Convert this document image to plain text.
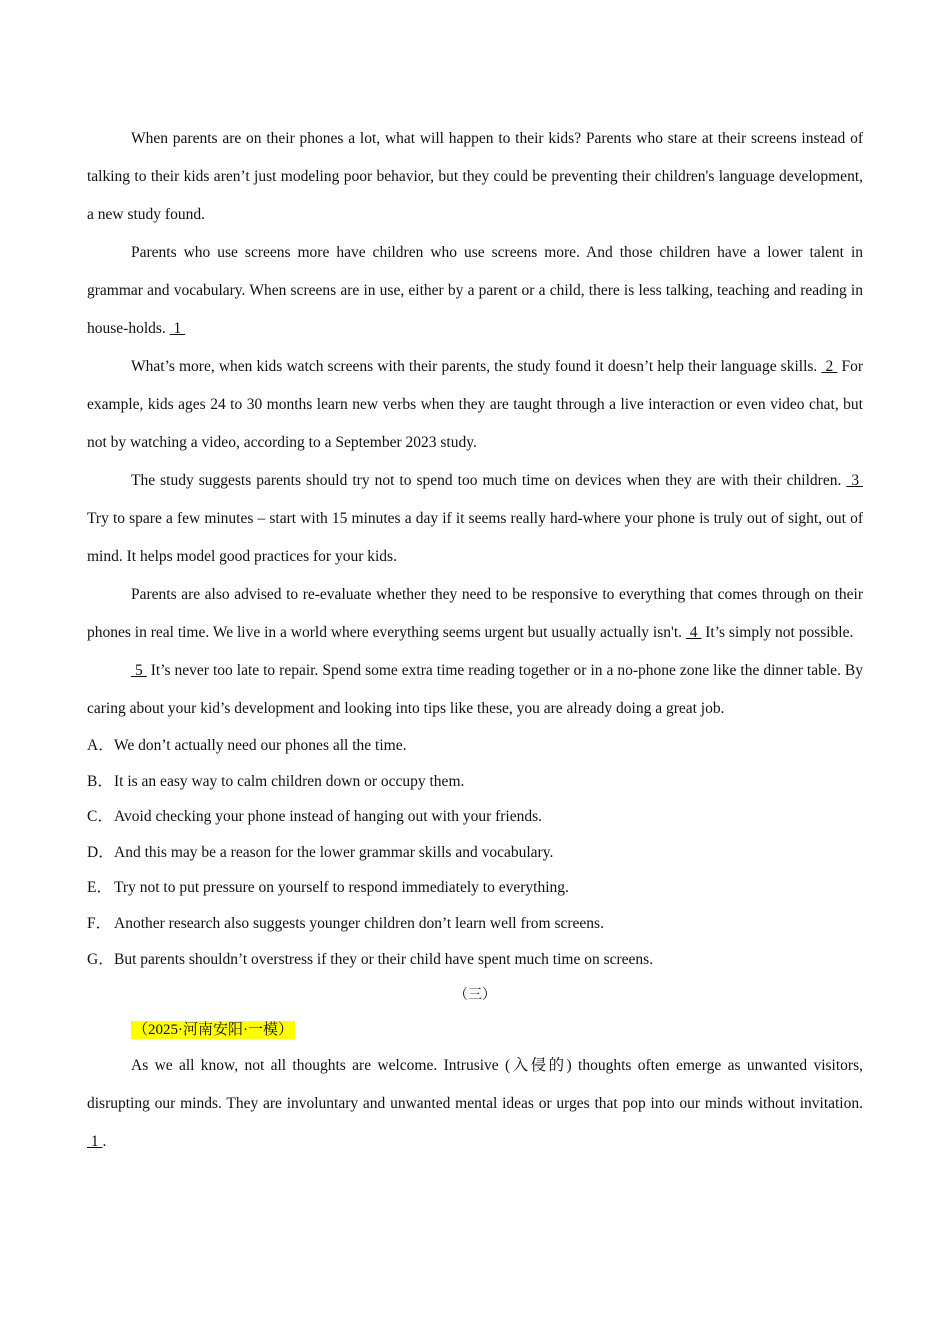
When parents are on their phones a lot, what will happen to their kids? Parents who stare at their screens instead of talking to their kids aren’t just modeling poor behavior, but they could be preventing their children's language development, a new study found.

Parents who use screens more have children who use screens more. And those children have a lower talent in grammar and vocabulary. When screens are in use, either by a parent or a child, there is less talking, teaching and reading in house-holds.  1

What’s more, when kids watch screens with their parents, the study found it doesn’t help their language skills.  2  For example, kids ages 24 to 30 months learn new verbs when they are taught through a live interaction or even video chat, but not by watching a video, according to a September 2023 study.

The study suggests parents should try not to spend too much time on devices when they are with their children.  3  Try to spare a few minutes – start with 15 minutes a day if it seems really hard-where your phone is truly out of sight, out of mind. It helps model good practices for your kids.

Parents are also advised to re-evaluate whether they need to be responsive to everything that comes through on their phones in real time. We live in a world where everything seems urgent but usually actually isn't.  4  It’s simply not possible.

5  It’s never too late to repair. Spend some extra time reading together or in a no-phone zone like the dinner table. By caring about your kid’s development and looking into tips like these, you are already doing a great job.

A．We don’t actually need our phones all the time.

B．It is an easy way to calm children down or occupy them.

C．Avoid checking your phone instead of hanging out with your friends.

D．And this may be a reason for the lower grammar skills and vocabulary.

E． Try not to put pressure on yourself to respond immediately to everything.

F． Another research also suggests younger children don’t learn well from screens.

G．But parents shouldn’t overstress if they or their child have spent much time on screens.

（三）

（2025·河南安阳·一模）

As we all know, not all thoughts are welcome. Intrusive (入侵的) thoughts often emerge as unwanted visitors, disrupting our minds. They are involuntary and unwanted mental ideas or urges that pop into our minds without invitation.  1 .
